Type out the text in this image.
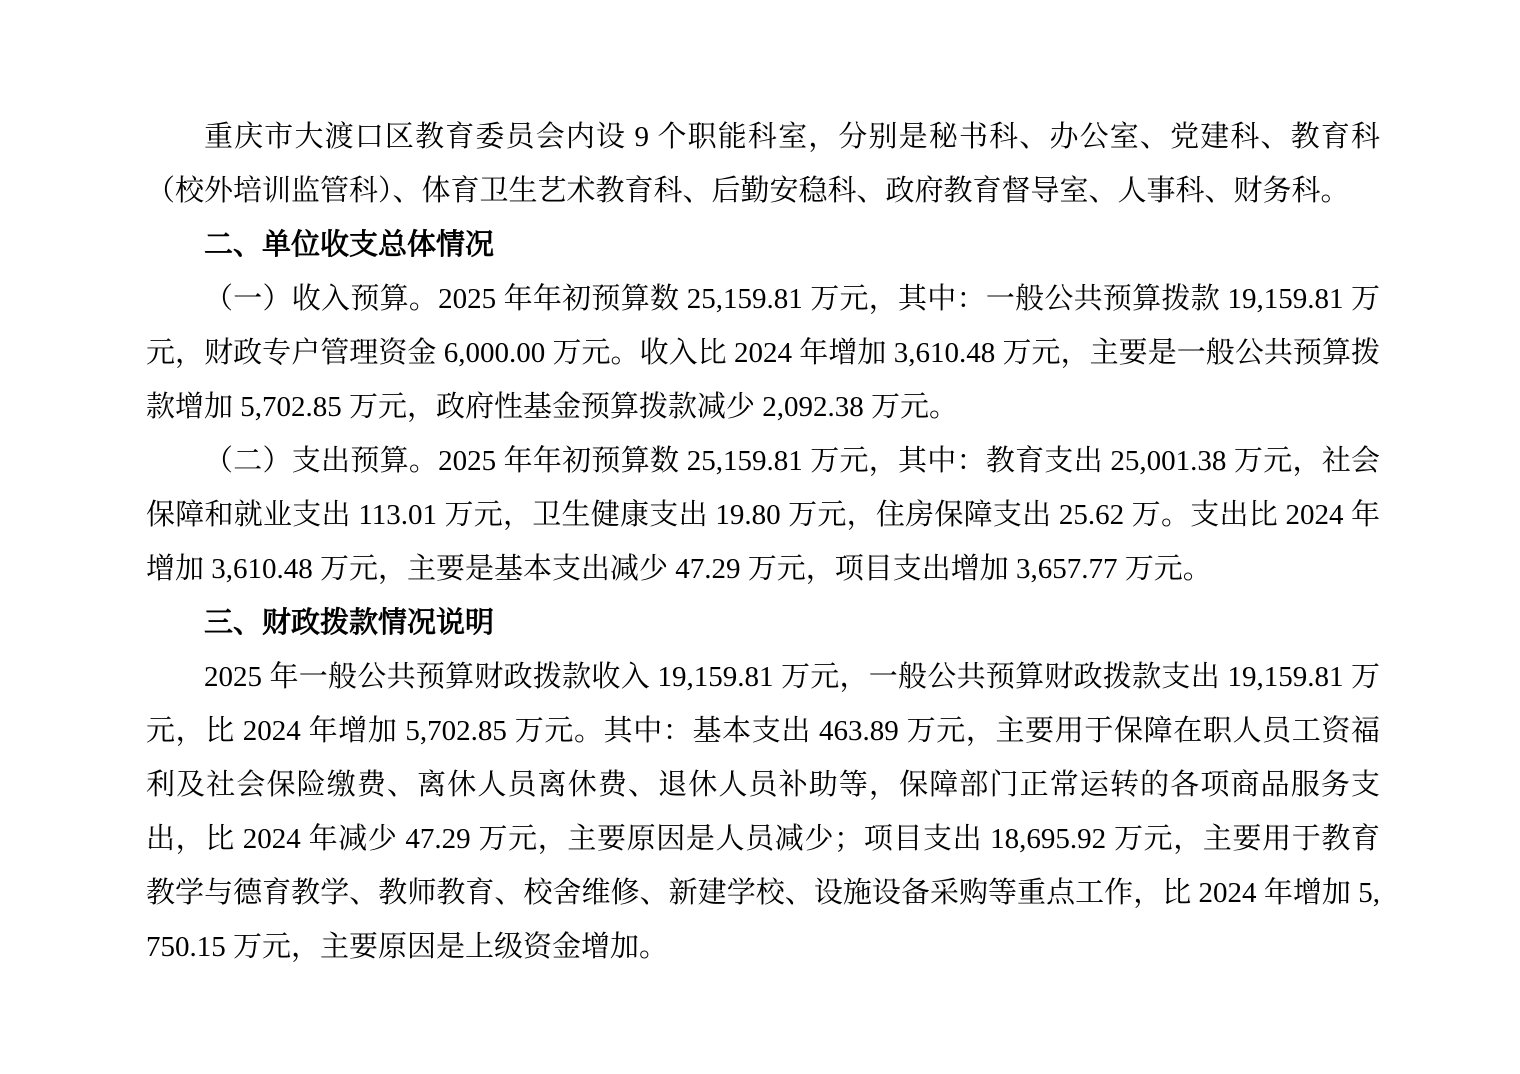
重庆市大渡口区教育委员会内设 9 个职能科室，分别是秘书科、办公室、党建科、教育科（校外培训监管科）、体育卫生艺术教育科、后勤安稳科、政府教育督导室、人事科、财务科。

二、单位收支总体情况

（一）收入预算。2025 年年初预算数 25,159.81 万元，其中：一般公共预算拨款 19,159.81 万元，财政专户管理资金 6,000.00 万元。收入比 2024 年增加 3,610.48 万元，主要是一般公共预算拨款增加 5,702.85 万元，政府性基金预算拨款减少 2,092.38 万元。

（二）支出预算。2025 年年初预算数 25,159.81 万元，其中：教育支出 25,001.38 万元，社会保障和就业支出 113.01 万元，卫生健康支出 19.80 万元，住房保障支出 25.62 万。支出比 2024 年增加 3,610.48 万元，主要是基本支出减少 47.29 万元，项目支出增加 3,657.77 万元。

三、财政拨款情况说明

2025 年一般公共预算财政拨款收入 19,159.81 万元，一般公共预算财政拨款支出 19,159.81 万元，比 2024 年增加 5,702.85 万元。其中：基本支出 463.89 万元，主要用于保障在职人员工资福利及社会保险缴费、离休人员离休费、退休人员补助等，保障部门正常运转的各项商品服务支出，比 2024 年减少 47.29 万元，主要原因是人员减少；项目支出 18,695.92 万元，主要用于教育教学与德育教学、教师教育、校舍维修、新建学校、设施设备采购等重点工作，比 2024 年增加 5,750.15 万元，主要原因是上级资金增加。
